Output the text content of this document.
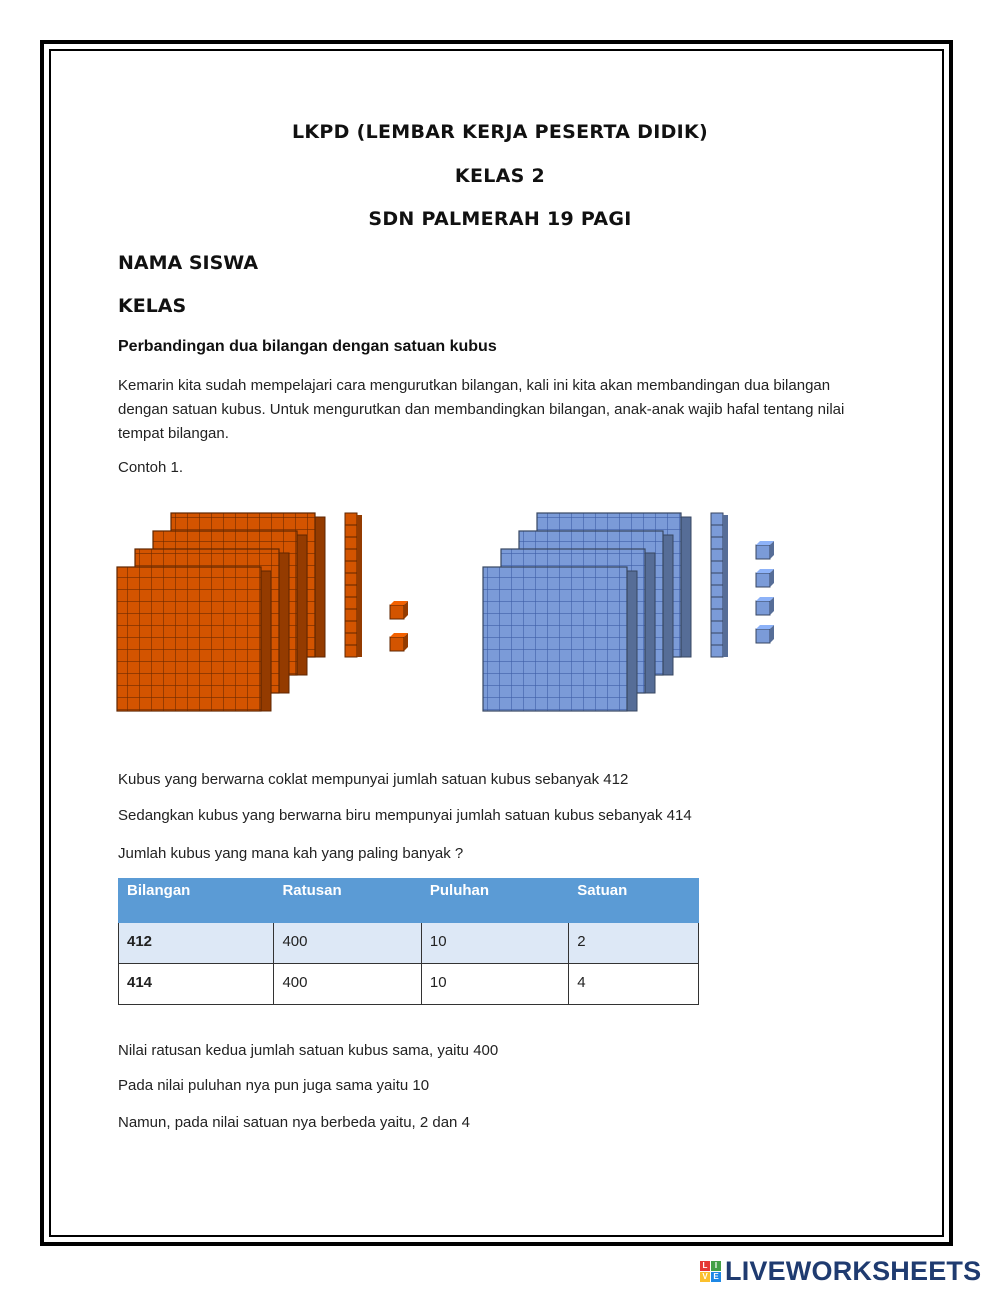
LKPD (LEMBAR KERJA PESERTA DIDIK)
KELAS 2
SDN PALMERAH 19 PAGI
NAMA SISWA
KELAS
Perbandingan dua bilangan dengan satuan kubus
Kemarin kita sudah mempelajari cara mengurutkan bilangan, kali ini kita akan membandingan dua bilangan dengan satuan kubus. Untuk mengurutkan dan membandingkan bilangan, anak-anak wajib hafal tentang nilai tempat bilangan.
Contoh 1.
Kubus yang berwarna coklat mempunyai jumlah satuan kubus sebanyak 412
Sedangkan kubus yang berwarna biru mempunyai jumlah satuan kubus sebanyak 414
Jumlah kubus yang mana kah yang paling banyak ?
Bilangan	Ratusan	Puluhan	Satuan
412	400	10	2
414	400	10	4
Nilai ratusan kedua jumlah satuan kubus sama, yaitu 400
Pada nilai puluhan nya pun juga sama yaitu 10
Namun, pada nilai satuan nya berbeda yaitu, 2 dan 4
L I
V E LIVEWORKSHEETS
